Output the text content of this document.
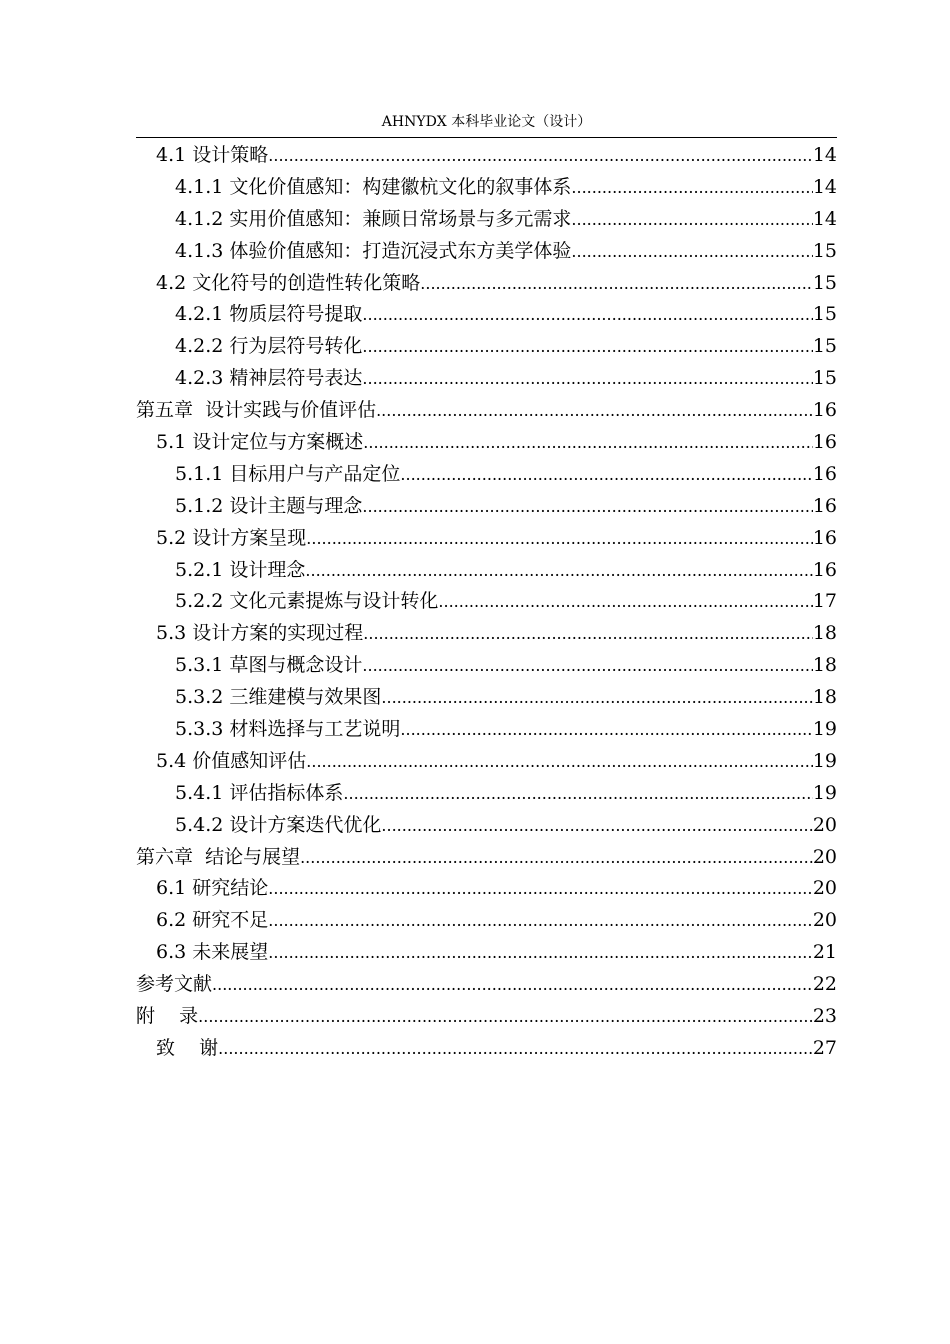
AHNYDX 本科毕业论文（设计）
4.1 设计策略 .....	14
4.1.1 文化价值感知：构建徽杭文化的叙事体系 .....	14
4.1.2 实用价值感知：兼顾日常场景与多元需求 .....	14
4.1.3 体验价值感知：打造沉浸式东方美学体验 .....	15
4.2 文化符号的创造性转化策略 .....	15
4.2.1 物质层符号提取 .....	15
4.2.2 行为层符号转化 .....	15
4.2.3 精神层符号表达 .....	15
第五章  设计实践与价值评估 .....	16
5.1 设计定位与方案概述 .....	16
5.1.1 目标用户与产品定位 .....	16
5.1.2 设计主题与理念 .....	16
5.2 设计方案呈现 .....	16
5.2.1 设计理念 .....	16
5.2.2 文化元素提炼与设计转化 .....	17
5.3 设计方案的实现过程 .....	18
5.3.1 草图与概念设计 .....	18
5.3.2 三维建模与效果图 .....	18
5.3.3 材料选择与工艺说明 .....	19
5.4 价值感知评估 .....	19
5.4.1 评估指标体系 .....	19
5.4.2 设计方案迭代优化 .....	20
第六章  结论与展望 .....	20
6.1 研究结论 .....	20
6.2 研究不足 .....	20
6.3 未来展望 .....	21
参考文献 .....	22
附    录 .....	23
致    谢 .....	27
